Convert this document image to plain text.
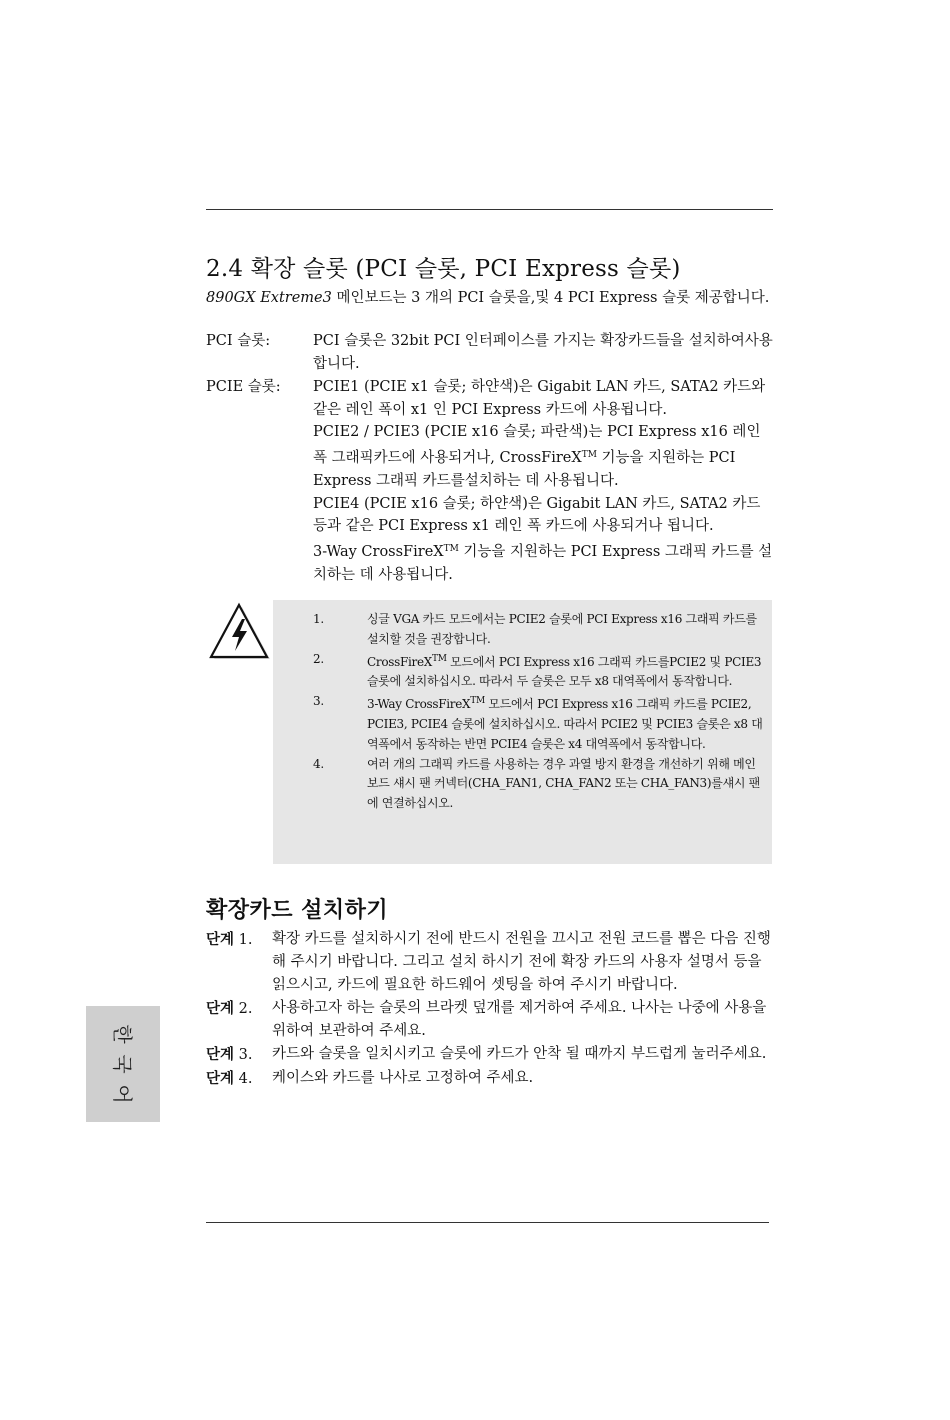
2.4 확장 슬롯 (PCI 슬롯, PCI Express 슬롯)
890GX Extreme3 메인보드는 3 개의 PCI 슬롯을,및 4 PCI Express 슬롯 제공합니다.
PCI 슬롯:	PCI 슬롯은 32bit PCI 인터페이스를 가지는 확장카드들을 설치하여사용 합니다.

PCIE 슬롯:	PCIE1 (PCIE x1 슬롯; 하얀색)은 Gigabit LAN 카드, SATA2 카드와 같은 레인 폭이 x1 인 PCI Express 카드에 사용됩니다.

PCIE2 / PCIE3 (PCIE x16 슬롯; 파란색)는 PCI Express x16 레인폭 그래픽카드에 사용되거나, CrossFireX™ 기능을 지원하는 PCI Express 그래픽 카드를설치하는 데 사용됩니다.

PCIE4 (PCIE x16 슬롯; 하얀색)은 Gigabit LAN 카드, SATA2 카드 등과 같은 PCI Express x1 레인 폭 카드에 사용되거나 됩니다.

3-Way CrossFireX™ 기능을 지원하는 PCI Express 그래픽 카드를 설치하는 데 사용됩니다.

1.	싱글 VGA 카드 모드에서는 PCIE2 슬롯에 PCI Express x16 그래픽 카드를 설치할 것을 권장합니다.
2.	CrossFireX™ 모드에서 PCI Express x16 그래픽 카드를PCIE2 및 PCIE3 슬롯에 설치하십시오. 따라서 두 슬롯은 모두 x8 대역폭에서 동작합니다.
3.	3-Way CrossFireX™ 모드에서 PCI Express x16 그래픽 카드를 PCIE2, PCIE3, PCIE4 슬롯에 설치하십시오. 따라서 PCIE2 및 PCIE3 슬롯은 x8 대역폭에서 동작하는 반면 PCIE4 슬롯은 x4 대역폭에서 동작합니다.
4.	여러 개의 그래픽 카드를 사용하는 경우 과열 방지 환경을 개선하기 위해 메인보드 섀시 팬 커넥터(CHA_FAN1, CHA_FAN2 또는 CHA_FAN3)를섀시 팬에 연결하십시오.
확장카드 설치하기
단계 1.	확장 카드를 설치하시기 전에 반드시 전원을 끄시고 전원 코드를 뽑은 다음 진행해 주시기 바랍니다. 그리고 설치 하시기 전에 확장 카드의 사용자 설명서 등을 읽으시고, 카드에 필요한 하드웨어 셋팅을 하여 주시기 바랍니다.
단계 2.	사용하고자 하는 슬롯의 브라켓 덮개를 제거하여 주세요. 나사는 나중에 사용을 위하여 보관하여 주세요.
단계 3.	카드와 슬롯을 일치시키고 슬롯에 카드가 안착 될 때까지 부드럽게 눌러주세요.
단계 4.	케이스와 카드를 나사로 고정하여 주세요.
한
국
어
